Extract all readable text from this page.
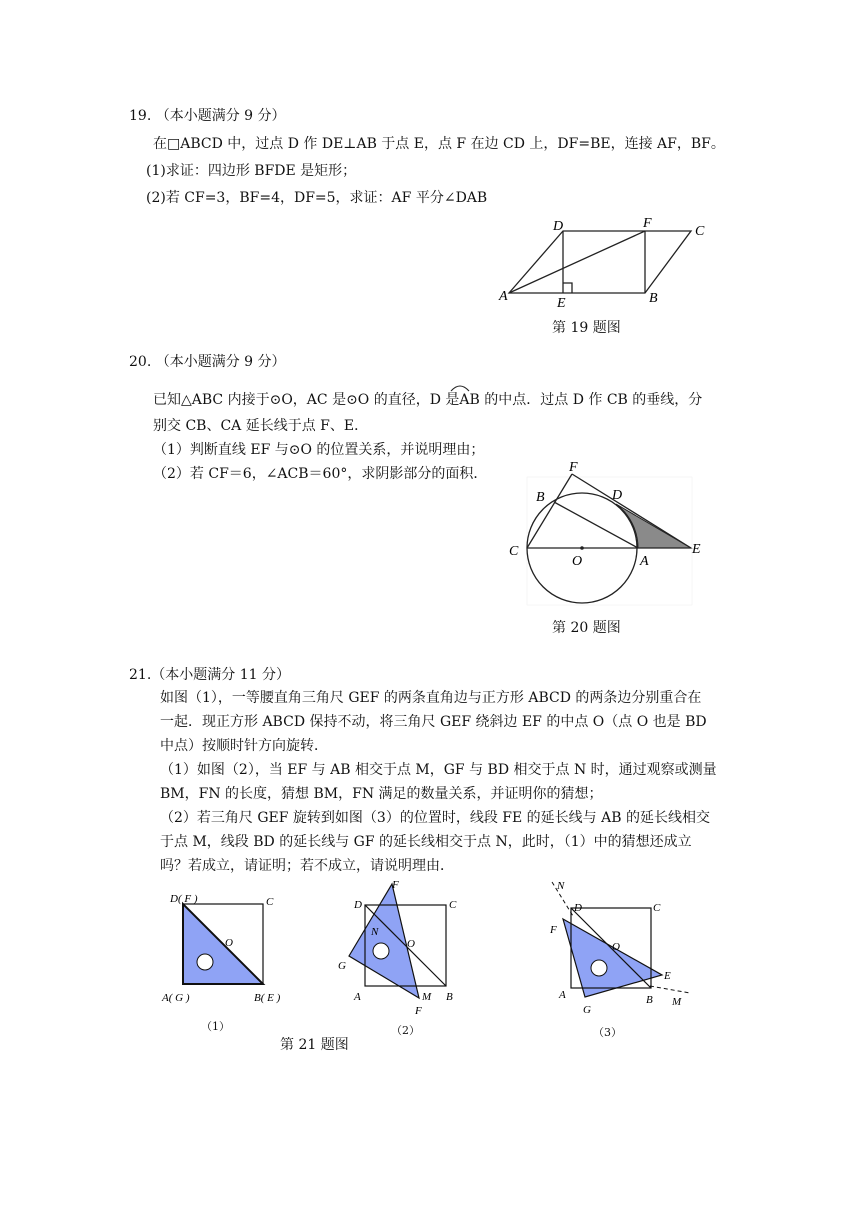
19. （本小题满分 9 分）
在□ABCD 中，过点 D 作 DE⊥AB 于点 E，点 F 在边 CD 上，DF=BE，连接 AF，BF。
(1)求证：四边形 BFDE 是矩形；
(2)若 CF=3，BF=4，DF=5，求证：AF 平分∠DAB
A	B
C
D
E
F
第 19 题图
20. （本小题满分 9 分）
已知△ABC 内接于⊙O，AC 是⊙O 的直径，D 是AB 的中点．过点 D 作 CB 的垂线，分
别交 CB、CA 延长线于点 F、E．
（1）判断直线 EF 与⊙O 的位置关系，并说明理由；
（2）若 CF＝6，∠ACB＝60°，求阴影部分的面积．	F
B	D
C
O	A
E
第 20 题图
21.（本小题满分 11 分）
如图（1），一等腰直角三角尺 GEF 的两条直角边与正方形 ABCD 的两条边分别重合在
一起．现正方形 ABCD 保持不动，将三角尺 GEF 绕斜边 EF 的中点 O（点 O 也是 BD
中点）按顺时针方向旋转．
（1）如图（2），当 EF 与 AB 相交于点 M，GF 与 BD 相交于点 N 时，通过观察或测量
BM，FN 的长度，猜想 BM，FN 满足的数量关系，并证明你的猜想；
（2）若三角尺 GEF 旋转到如图（3）的位置时，线段 FE 的延长线与 AB 的延长线相交
于点 M，线段 BD 的延长线与 GF 的延长线相交于点 N，此时，（1）中的猜想还成立
吗？若成立，请证明；若不成立，请说明理由．
D( F )	C
O
A( G )	B( E )
（1）
第 21 题图
F
D	C
N
O
G
A	M B
F
（2）
N
D	C
F
O
E
A	B M
G
（3）
